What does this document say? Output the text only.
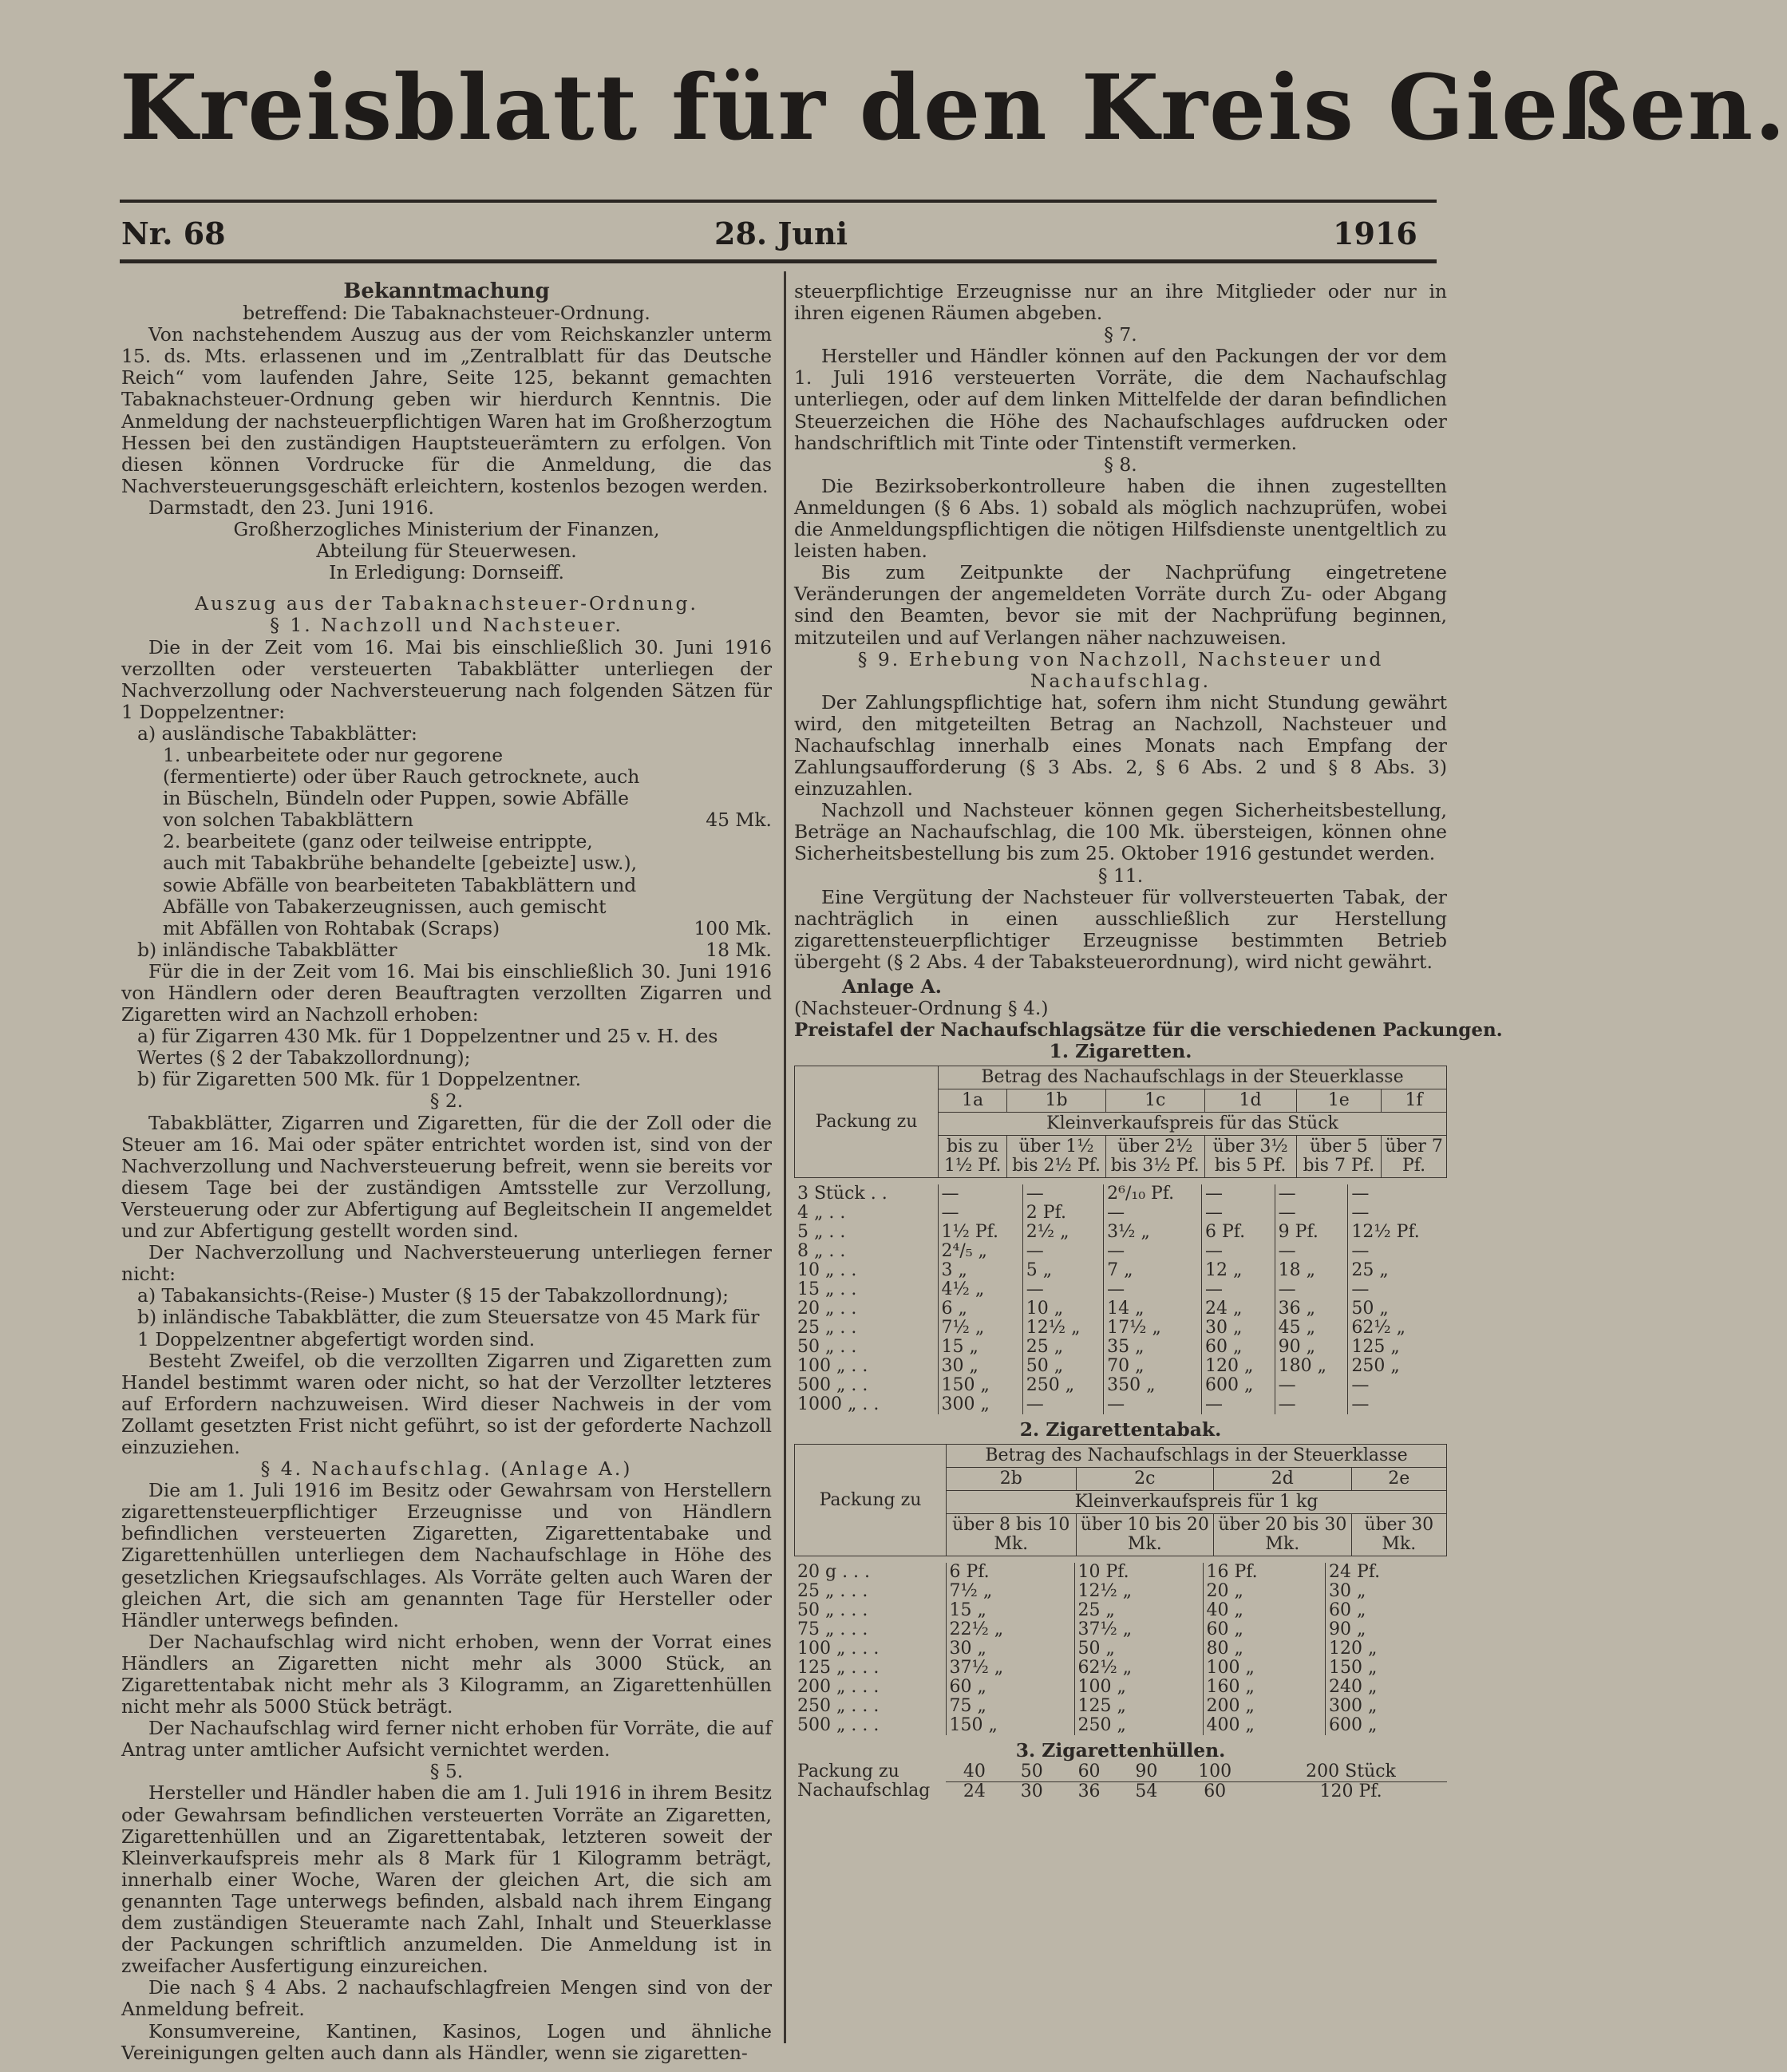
Kreisblatt für den Kreis Gießen.
Nr. 68	28. Juni	1916

Bekanntmachung

betreffend: Die Tabaknachsteuer-Ordnung.

Von nachstehendem Auszug aus der vom Reichskanzler unterm 15. ds. Mts. erlassenen und im „Zentralblatt für das Deutsche Reich“ vom laufenden Jahre, Seite 125, bekannt gemachten Tabaknachsteuer-Ordnung geben wir hierdurch Kenntnis. Die Anmeldung der nachsteuerpflichtigen Waren hat im Großherzogtum Hessen bei den zuständigen Hauptsteuerämtern zu erfolgen. Von diesen können Vordrucke für die Anmeldung, die das Nachversteuerungsgeschäft erleichtern, kostenlos bezogen werden.

Darmstadt, den 23. Juni 1916.

Großherzogliches Ministerium der Finanzen,

Abteilung für Steuerwesen.

In Erledigung: Dornseiff.

Auszug aus der Tabaknachsteuer-Ordnung.

§ 1. Nachzoll und Nachsteuer.

Die in der Zeit vom 16. Mai bis einschließlich 30. Juni 1916 verzollten oder versteuerten Tabakblätter unterliegen der Nachverzollung oder Nachversteuerung nach folgenden Sätzen für 1 Doppelzentner:

a) ausländische Tabakblätter:

1. unbearbeitete oder nur gegorene (fermentierte) oder über Rauch getrocknete, auch in Büscheln, Bündeln oder Puppen, sowie Abfälle von solchen Tabakblättern	45 Mk.
2. bearbeitete (ganz oder teilweise entrippte, auch mit Tabakbrühe behandelte [gebeizte] usw.), sowie Abfälle von bearbeiteten Tabakblättern und Abfälle von Tabakerzeugnissen, auch gemischt mit Abfällen von Rohtabak (Scraps)	100 Mk.
b) inländische Tabakblätter	18 Mk.

Für die in der Zeit vom 16. Mai bis einschließlich 30. Juni 1916 von Händlern oder deren Beauftragten verzollten Zigarren und Zigaretten wird an Nachzoll erhoben:

a) für Zigarren 430 Mk. für 1 Doppelzentner und 25 v. H. des Wertes (§ 2 der Tabakzollordnung);

b) für Zigaretten 500 Mk. für 1 Doppelzentner.

§ 2.

Tabakblätter, Zigarren und Zigaretten, für die der Zoll oder die Steuer am 16. Mai oder später entrichtet worden ist, sind von der Nachverzollung und Nachversteuerung befreit, wenn sie bereits vor diesem Tage bei der zuständigen Amtsstelle zur Verzollung, Versteuerung oder zur Abfertigung auf Begleitschein II angemeldet und zur Abfertigung gestellt worden sind.

Der Nachverzollung und Nachversteuerung unterliegen ferner nicht:

a) Tabakansichts-(Reise-) Muster (§ 15 der Tabakzollordnung);

b) inländische Tabakblätter, die zum Steuersatze von 45 Mark für 1 Doppelzentner abgefertigt worden sind.

Besteht Zweifel, ob die verzollten Zigarren und Zigaretten zum Handel bestimmt waren oder nicht, so hat der Verzollter letzteres auf Erfordern nachzuweisen. Wird dieser Nachweis in der vom Zollamt gesetzten Frist nicht geführt, so ist der geforderte Nachzoll einzuziehen.

§ 4. Nachaufschlag. (Anlage A.)

Die am 1. Juli 1916 im Besitz oder Gewahrsam von Herstellern zigarettensteuerpflichtiger Erzeugnisse und von Händlern befindlichen versteuerten Zigaretten, Zigarettentabake und Zigarettenhüllen unterliegen dem Nachaufschlage in Höhe des gesetzlichen Kriegsaufschlages. Als Vorräte gelten auch Waren der gleichen Art, die sich am genannten Tage für Hersteller oder Händler unterwegs befinden.

Der Nachaufschlag wird nicht erhoben, wenn der Vorrat eines Händlers an Zigaretten nicht mehr als 3000 Stück, an Zigarettentabak nicht mehr als 3 Kilogramm, an Zigarettenhüllen nicht mehr als 5000 Stück beträgt.

Der Nachaufschlag wird ferner nicht erhoben für Vorräte, die auf Antrag unter amtlicher Aufsicht vernichtet werden.

§ 5.

Hersteller und Händler haben die am 1. Juli 1916 in ihrem Besitz oder Gewahrsam befindlichen versteuerten Vorräte an Zigaretten, Zigarettenhüllen und an Zigarettentabak, letzteren soweit der Kleinverkaufspreis mehr als 8 Mark für 1 Kilogramm beträgt, innerhalb einer Woche, Waren der gleichen Art, die sich am genannten Tage unterwegs befinden, alsbald nach ihrem Eingang dem zuständigen Steueramte nach Zahl, Inhalt und Steuerklasse der Packungen schriftlich anzumelden. Die Anmeldung ist in zweifacher Ausfertigung einzureichen.

Die nach § 4 Abs. 2 nachaufschlagfreien Mengen sind von der Anmeldung befreit.

Konsumvereine, Kantinen, Kasinos, Logen und ähnliche Vereinigungen gelten auch dann als Händler, wenn sie zigaretten-

steuerpflichtige Erzeugnisse nur an ihre Mitglieder oder nur in ihren eigenen Räumen abgeben.

§ 7.

Hersteller und Händler können auf den Packungen der vor dem 1. Juli 1916 versteuerten Vorräte, die dem Nachaufschlag unterliegen, oder auf dem linken Mittelfelde der daran befindlichen Steuerzeichen die Höhe des Nachaufschlages aufdrucken oder handschriftlich mit Tinte oder Tintenstift vermerken.

§ 8.

Die Bezirksoberkontrolleure haben die ihnen zugestellten Anmeldungen (§ 6 Abs. 1) sobald als möglich nachzuprüfen, wobei die Anmeldungspflichtigen die nötigen Hilfsdienste unentgeltlich zu leisten haben.

Bis zum Zeitpunkte der Nachprüfung eingetretene Veränderungen der angemeldeten Vorräte durch Zu- oder Abgang sind den Beamten, bevor sie mit der Nachprüfung beginnen, mitzuteilen und auf Verlangen näher nachzuweisen.

§ 9. Erhebung von Nachzoll, Nachsteuer und Nachaufschlag.

Der Zahlungspflichtige hat, sofern ihm nicht Stundung gewährt wird, den mitgeteilten Betrag an Nachzoll, Nachsteuer und Nachaufschlag innerhalb eines Monats nach Empfang der Zahlungsaufforderung (§ 3 Abs. 2, § 6 Abs. 2 und § 8 Abs. 3) einzuzahlen.

Nachzoll und Nachsteuer können gegen Sicherheitsbestellung, Beträge an Nachaufschlag, die 100 Mk. übersteigen, können ohne Sicherheitsbestellung bis zum 25. Oktober 1916 gestundet werden.

§ 11.

Eine Vergütung der Nachsteuer für vollversteuerten Tabak, der nachträglich in einen ausschließlich zur Herstellung zigarettensteuerpflichtiger Erzeugnisse bestimmten Betrieb übergeht (§ 2 Abs. 4 der Tabaksteuerordnung), wird nicht gewährt.

Anlage A.

(Nachsteuer-Ordnung § 4.)

Preistafel der Nachaufschlagsätze für die verschiedenen Packungen.

1. Zigaretten.

Packung zu	Betrag des Nachaufschlags in der Steuerklasse					
	1a	1b	1c	1d	1e	1f
	Kleinverkaufspreis für das Stück					
	bis zu 1½ Pf.	über 1½ bis 2½ Pf.	über 2½ bis 3½ Pf.	über 3½ bis 5 Pf.	über 5 bis 7 Pf.	über 7 Pf.
3 Stück . .	—	—	2⁶/₁₀ Pf.	—	—	—
4 „ . .	—	2 Pf.	—	—	—	—
5 „ . .	1½ Pf.	2½ „	3½ „	6 Pf.	9 Pf.	12½ Pf.
8 „ . .	2⁴/₅ „	—	—	—	—	—
10 „ . .	3 „	5 „	7 „	12 „	18 „	25 „
15 „ . .	4½ „	—	—	—	—	—
20 „ . .	6 „	10 „	14 „	24 „	36 „	50 „
25 „ . .	7½ „	12½ „	17½ „	30 „	45 „	62½ „
50 „ . .	15 „	25 „	35 „	60 „	90 „	125 „
100 „ . .	30 „	50 „	70 „	120 „	180 „	250 „
500 „ . .	150 „	250 „	350 „	600 „	—	—
1000 „ . .	300 „	—	—	—	—	—

2. Zigarettentabak.

Packung zu	Betrag des Nachaufschlags in der Steuerklasse			
	2b	2c	2d	2e
	Kleinverkaufspreis für 1 kg			
	über 8 bis 10 Mk.	über 10 bis 20 Mk.	über 20 bis 30 Mk.	über 30 Mk.
20 g . . .	6 Pf.	10 Pf.	16 Pf.	24 Pf.
25 „ . . .	7½ „	12½ „	20 „	30 „
50 „ . . .	15 „	25 „	40 „	60 „
75 „ . . .	22½ „	37½ „	60 „	90 „
100 „ . . .	30 „	50 „	80 „	120 „
125 „ . . .	37½ „	62½ „	100 „	150 „
200 „ . . .	60 „	100 „	160 „	240 „
250 „ . . .	75 „	125 „	200 „	300 „
500 „ . . .	150 „	250 „	400 „	600 „

3. Zigarettenhüllen.

Packung zu	40	50	60	90	100	200 Stück
Nachaufschlag	24	30	36	54	60	120 Pf.
